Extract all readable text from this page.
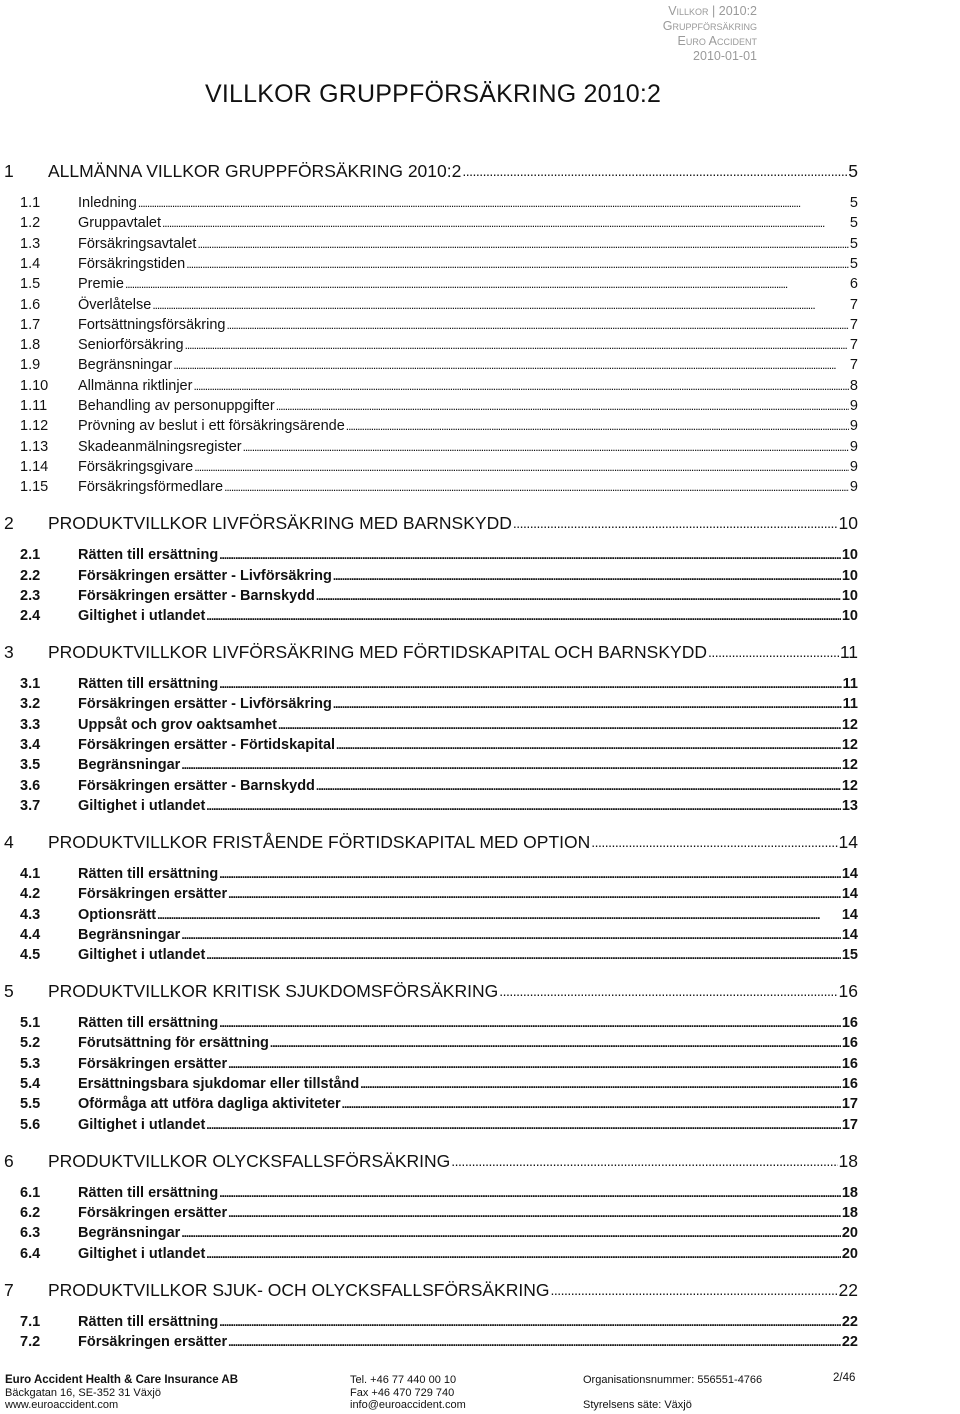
Villkor | 2010:2
Gruppförsäkring
Euro Accident
2010-01-01
VILLKOR GRUPPFÖRSÄKRING 2010:2
1	ALLMÄNNA VILLKOR GRUPPFÖRSÄKRING 2010:2 . . .	5
1.1	Inledning . . .	5
1.2	Gruppavtalet . . .	5
1.3	Försäkringsavtalet . . .	5
1.4	Försäkringstiden . . .	5
1.5	Premie . . .	6
1.6	Överlåtelse . . .	7
1.7	Fortsättningsförsäkring . . .	7
1.8	Seniorförsäkring . . .	7
1.9	Begränsningar . . .	7
1.10	Allmänna riktlinjer . . .	8
1.11	Behandling av personuppgifter . . .	9
1.12	Prövning av beslut i ett försäkringsärende . . .	9
1.13	Skadeanmälningsregister . . .	9
1.14	Försäkringsgivare . . .	9
1.15	Försäkringsförmedlare . . .	9
2	PRODUKTVILLKOR LIVFÖRSÄKRING MED BARNSKYDD . . .	10
2.1	Rätten till ersättning . . .	10
2.2	Försäkringen ersätter - Livförsäkring . . .	10
2.3	Försäkringen ersätter - Barnskydd . . .	10
2.4	Giltighet i utlandet . . .	10
3	PRODUKTVILLKOR LIVFÖRSÄKRING MED FÖRTIDSKAPITAL OCH BARNSKYDD . . .	11
3.1	Rätten till ersättning . . .	11
3.2	Försäkringen ersätter - Livförsäkring . . .	11
3.3	Uppsåt och grov oaktsamhet . . .	12
3.4	Försäkringen ersätter - Förtidskapital . . .	12
3.5	Begränsningar . . .	12
3.6	Försäkringen ersätter - Barnskydd . . .	12
3.7	Giltighet i utlandet . . .	13
4	PRODUKTVILLKOR FRISTÅENDE FÖRTIDSKAPITAL MED OPTION . . .	14
4.1	Rätten till ersättning . . .	14
4.2	Försäkringen ersätter . . .	14
4.3	Optionsrätt . . .	14
4.4	Begränsningar . . .	14
4.5	Giltighet i utlandet . . .	15
5	PRODUKTVILLKOR KRITISK SJUKDOMSFÖRSÄKRING . . .	16
5.1	Rätten till ersättning . . .	16
5.2	Förutsättning för ersättning . . .	16
5.3	Försäkringen ersätter . . .	16
5.4	Ersättningsbara sjukdomar eller tillstånd . . .	16
5.5	Oförmåga att utföra dagliga aktiviteter . . .	17
5.6	Giltighet i utlandet . . .	17
6	PRODUKTVILLKOR OLYCKSFALLSFÖRSÄKRING . . .	18
6.1	Rätten till ersättning . . .	18
6.2	Försäkringen ersätter . . .	18
6.3	Begränsningar . . .	20
6.4	Giltighet i utlandet . . .	20
7	PRODUKTVILLKOR SJUK- OCH OLYCKSFALLSFÖRSÄKRING . . .	22
7.1	Rätten till ersättning . . .	22
7.2	Försäkringen ersätter . . .	22
Euro Accident Health & Care Insurance AB
Bäckgatan 16, SE-352 31 Växjö
www.euroaccident.com
Tel. +46 77 440 00 10
Fax +46 470 729 740
info@euroaccident.com
Organisationsnummer: 556551-4766

Styrelsens säte: Växjö
2/46
